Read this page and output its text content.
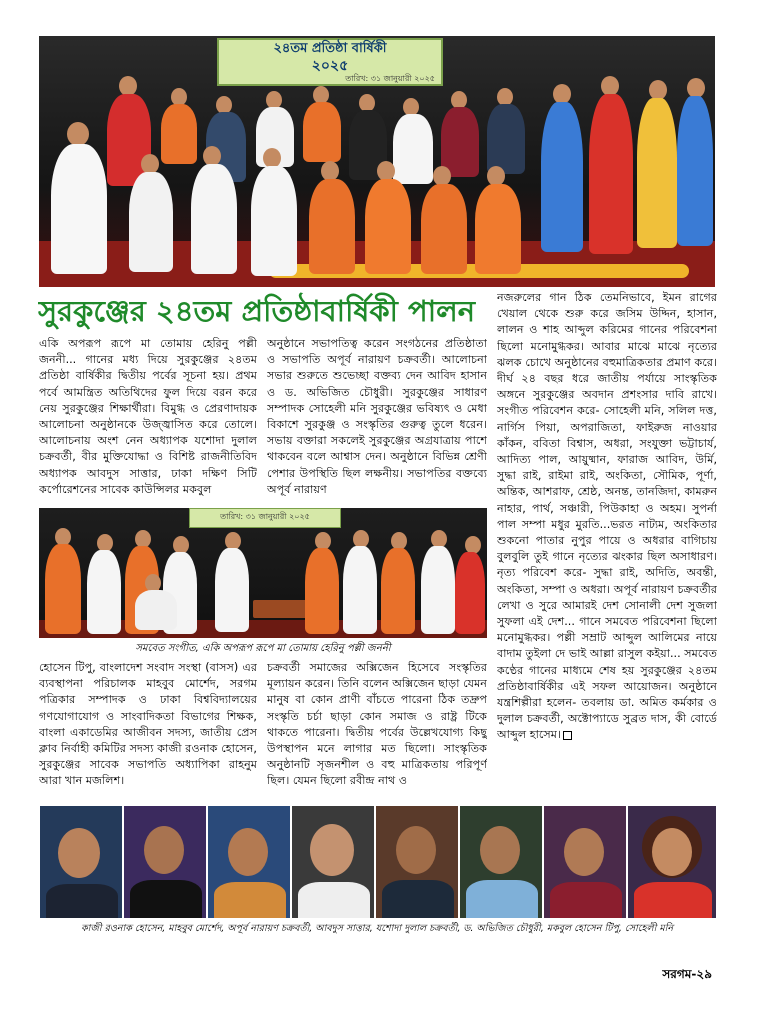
২৪তম প্রতিষ্ঠা বার্ষিকী
২০২৫
তারিখ: ৩১ জানুয়ারী ২০২৫
সুরকুঞ্জের ২৪তম প্রতিষ্ঠাবার্ষিকী পালন

একি অপরূপ রূপে মা তোমায় হেরিনু পল্লী জননী... গানের মধ্য দিয়ে সুরকুঞ্জের ২৪তম প্রতিষ্ঠা বার্ষিকীর দ্বিতীয় পর্বের সূচনা হয়। প্রথম পর্বে আমন্ত্রিত অতিথিদের ফুল দিয়ে বরন করে নেয় সুরকুঞ্জের শিক্ষার্থীরা। বিমুগ্ধ ও প্রেরণাদায়ক আলোচনা অনুষ্ঠানকে উজ্জ্বাসিত করে তোলে। আলোচনায় অংশ নেন অধ্যাপক যশোদা দুলাল চক্রবর্তী, বীর মুক্তিযোদ্ধা ও বিশিষ্ট রাজনীতিবিদ অধ্যাপক আবদুস সাত্তার, ঢাকা দক্ষিণ সিটি কর্পোরেশনের সাবেক কাউন্সিলর মকবুল

অনুষ্ঠানে সভাপতিত্ব করেন সংগঠনের প্রতিষ্ঠাতা ও সভাপতি অপূর্ব নারায়ণ চক্রবর্তী। আলোচনা সভার শুরুতে শুভেচ্ছা বক্তব্য দেন আবিদ হাসান ও ড. অভিজিত চৌধুরী। সুরকুঞ্জের সাধারণ সম্পাদক সোহেলী মনি সুরকুঞ্জের ভবিষ্যৎ ও মেধা বিকাশে সুরকুঞ্জ ও সংস্কৃতির গুরুত্ব তুলে ধরেন। সভায় বক্তারা সকলেই সুরকুঞ্জের অগ্রযাত্রায় পাশে থাকবেন বলে আশ্বাস দেন। অনুষ্ঠানে বিভিন্ন শ্রেণী পেশার উপস্থিতি ছিল লক্ষনীয়। সভাপতির বক্তব্যে অপূর্ব নারায়ণ

নজরুলের গান ঠিক তেমনিভাবে, ইমন রাগের খেয়াল থেকে শুরু করে জসিম উদ্দিন, হাসান, লালন ও শাহ আব্দুল করিমের গানের পরিবেশনা ছিলো মনোমুগ্ধকর। আবার মাঝে মাঝে নৃত্যের ঝলক চোখে অনুষ্ঠানের বহুমাত্রিকতার প্রমাণ করে। দীর্ঘ ২৪ বছর ধরে জাতীয় পর্যায়ে সাংস্কৃতিক অঙ্গনে সুরকুঞ্জের অবদান প্রশংসার দাবি রাখে। সংগীত পরিবেশন করে- সোহেলী মনি, সলিল দত্ত, নার্গিস পিয়া, অপরাজিতা, ফাইরুজ নাওয়ার কাঁকন, ববিতা বিশ্বাস, অধরা, সংযুক্তা ভট্টাচার্য, আদিত্য পাল, আয়ুষ্মান, ফারাজ আবিদ, উর্মি, সুদ্ধা রাই, রাইমা রাই, অংকিতা, সৌমিক, পূর্ণা, অন্তিক, আশরাফ, শ্রেষ্ঠ, অনন্ত, তানজিদা, কামরুন নাহার, পার্থ, সঞ্চারী, পিউকাহা ও অহম। সুপর্না পাল সম্পা মধুর মুরতি...ভরত নাট্যম, অংকিতার শুকনো পাতার নুপুর পায়ে ও অধরার বাগিচায় বুলবুলি তুই গানে নৃত্যের ঝংকার ছিল অসাধারণ। নৃত্য পরিবেশ করে- সুদ্ধা রাই, অদিতি, অবন্তী, অংকিতা, সম্পা ও অধরা। অপূর্ব নারায়ণ চক্রবর্তীর লেখা ও সুরে আমারই দেশ সোনালী দেশ সুজলা সুফলা এই দেশ... গানে সমবেত পরিবেশনা ছিলো মনোমুগ্ধকর। পল্লী সম্রাট আব্দুল আলিমের নায়ে বাদাম তুইলা দে ভাই আল্লা রাসুল কইয়া... সমবেত কণ্ঠের গানের মাধ্যমে শেষ হয় সুরকুঞ্জের ২৪তম প্রতিষ্ঠাবার্ষিকীর এই সফল আয়োজন। অনুষ্ঠানে যন্ত্রশিল্পীরা হলেন- তবলায় ডা. অমিত কর্মকার ও দুলাল চক্রবর্তী, অক্টোপ্যাডে সুব্রত দাস, কী বোর্ডে আব্দুল হাসেম।

তারিখ: ৩১ জানুয়ারী ২০২৫
সমবেত সংগীত, একি অপরূপ রূপে মা তোমায় হেরিনু পল্লী জননী

হোসেন টিপু, বাংলাদেশ সংবাদ সংস্থা (বাসস) এর ব্যবস্থাপনা পরিচালক মাহবুব মোর্শেদ, সরগম পত্রিকার সম্পাদক ও ঢাকা বিশ্ববিদ্যালয়ের গণযোগাযোগ ও সাংবাদিকতা বিভাগের শিক্ষক, বাংলা একাডেমির আজীবন সদস্য, জাতীয় প্রেস ক্লাব নির্বাহী কমিটির সদস্য কাজী রওনাক হোসেন, সুরকুঞ্জের সাবেক সভাপতি অধ্যাপিকা রাহনুম আরা খান মজলিশ।

চক্রবর্তী সমাজের অক্সিজেন হিসেবে সংস্কৃতির মূল্যায়ন করেন। তিনি বলেন অক্সিজেন ছাড়া যেমন মানুষ বা কোন প্রাণী বাঁচতে পারেনা ঠিক তদ্রুপ সংস্কৃতি চর্চা ছাড়া কোন সমাজ ও রাষ্ট্র টিকে থাকতে পারেনা। দ্বিতীয় পর্বের উল্লেখযোগ্য কিছু উপস্থাপন মনে লাগার মত ছিলো। সাংস্কৃতিক অনুষ্ঠানটি সৃজনশীল ও বহু মাত্রিকতায় পরিপূর্ণ ছিল। যেমন ছিলো রবীন্দ্র নাথ ও

কাজী রওনাক হোসেন, মাহবুব মোর্শেদ, অপূর্ব নারায়ণ চক্রবর্তী, আবদুস সাত্তার, যশোদা দুলাল চক্রবর্তী, ড. অভিজিত চৌধুরী, মকবুল হোসেন টিপু, সোহেলী মনি
সরগম-২৯
